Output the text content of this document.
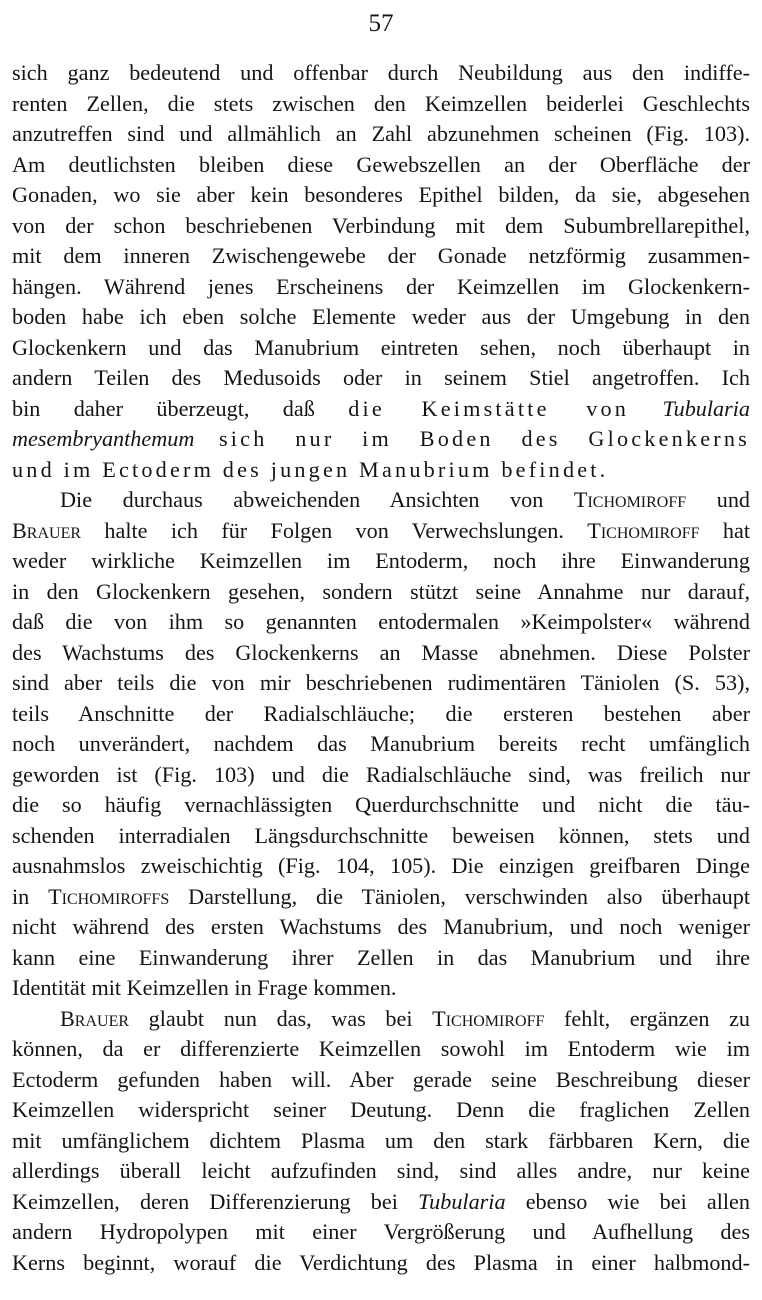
57
sich ganz bedeutend und offenbar durch Neubildung aus den indiffe-
renten Zellen, die stets zwischen den Keimzellen beiderlei Geschlechts
anzutreffen sind und allmählich an Zahl abzunehmen scheinen (Fig. 103).
Am deutlichsten bleiben diese Gewebszellen an der Oberfläche der
Gonaden, wo sie aber kein besonderes Epithel bilden, da sie, abgesehen
von der schon beschriebenen Verbindung mit dem Subumbrellarepithel,
mit dem inneren Zwischengewebe der Gonade netzförmig zusammen-
hängen. Während jenes Erscheinens der Keimzellen im Glockenkern-
boden habe ich eben solche Elemente weder aus der Umgebung in den
Glockenkern und das Manubrium eintreten sehen, noch überhaupt in
andern Teilen des Medusoids oder in seinem Stiel angetroffen. Ich
bin daher überzeugt, daß die Keimstätte von Tubularia
mesembryanthemum sich nur im Boden des Glockenkerns
und im Ectoderm des jungen Manubrium befindet.
Die durchaus abweichenden Ansichten von Tichomiroff und
Brauer halte ich für Folgen von Verwechslungen. Tichomiroff hat
weder wirkliche Keimzellen im Entoderm, noch ihre Einwanderung
in den Glockenkern gesehen, sondern stützt seine Annahme nur darauf,
daß die von ihm so genannten entodermalen »Keimpolster« während
des Wachstums des Glockenkerns an Masse abnehmen. Diese Polster
sind aber teils die von mir beschriebenen rudimentären Täniolen (S. 53),
teils Anschnitte der Radialschläuche; die ersteren bestehen aber
noch unverändert, nachdem das Manubrium bereits recht umfänglich
geworden ist (Fig. 103) und die Radialschläuche sind, was freilich nur
die so häufig vernachlässigten Querdurchschnitte und nicht die täu-
schenden interradialen Längsdurchschnitte beweisen können, stets und
ausnahmslos zweischichtig (Fig. 104, 105). Die einzigen greifbaren Dinge
in Tichomiroffs Darstellung, die Täniolen, verschwinden also überhaupt
nicht während des ersten Wachstums des Manubrium, und noch weniger
kann eine Einwanderung ihrer Zellen in das Manubrium und ihre
Identität mit Keimzellen in Frage kommen.
Brauer glaubt nun das, was bei Tichomiroff fehlt, ergänzen zu
können, da er differenzierte Keimzellen sowohl im Entoderm wie im
Ectoderm gefunden haben will. Aber gerade seine Beschreibung dieser
Keimzellen widerspricht seiner Deutung. Denn die fraglichen Zellen
mit umfänglichem dichtem Plasma um den stark färbbaren Kern, die
allerdings überall leicht aufzufinden sind, sind alles andre, nur keine
Keimzellen, deren Differenzierung bei Tubularia ebenso wie bei allen
andern Hydropolypen mit einer Vergrößerung und Aufhellung des
Kerns beginnt, worauf die Verdichtung des Plasma in einer halbmond-
